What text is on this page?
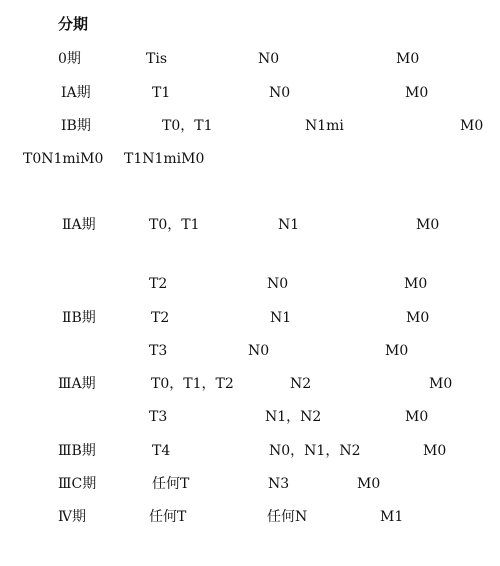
分期
0期	Tis	N0	M0
ⅠA期	T1	N0	M0
ⅠB期	T0，T1	N1mi	M0
T0N1miM0 T1N1miM0
ⅡA期	T0，T1	N1	M0
T2	N0	M0
ⅡB期	T2	N1	M0
T3	N0	M0
ⅢA期	T0，T1，T2	N2	M0
T3	N1，N2	M0
ⅢB期	T4	N0，N1，N2	M0
ⅢC期	任何T	N3	M0
Ⅳ期	任何T	任何N	M1
